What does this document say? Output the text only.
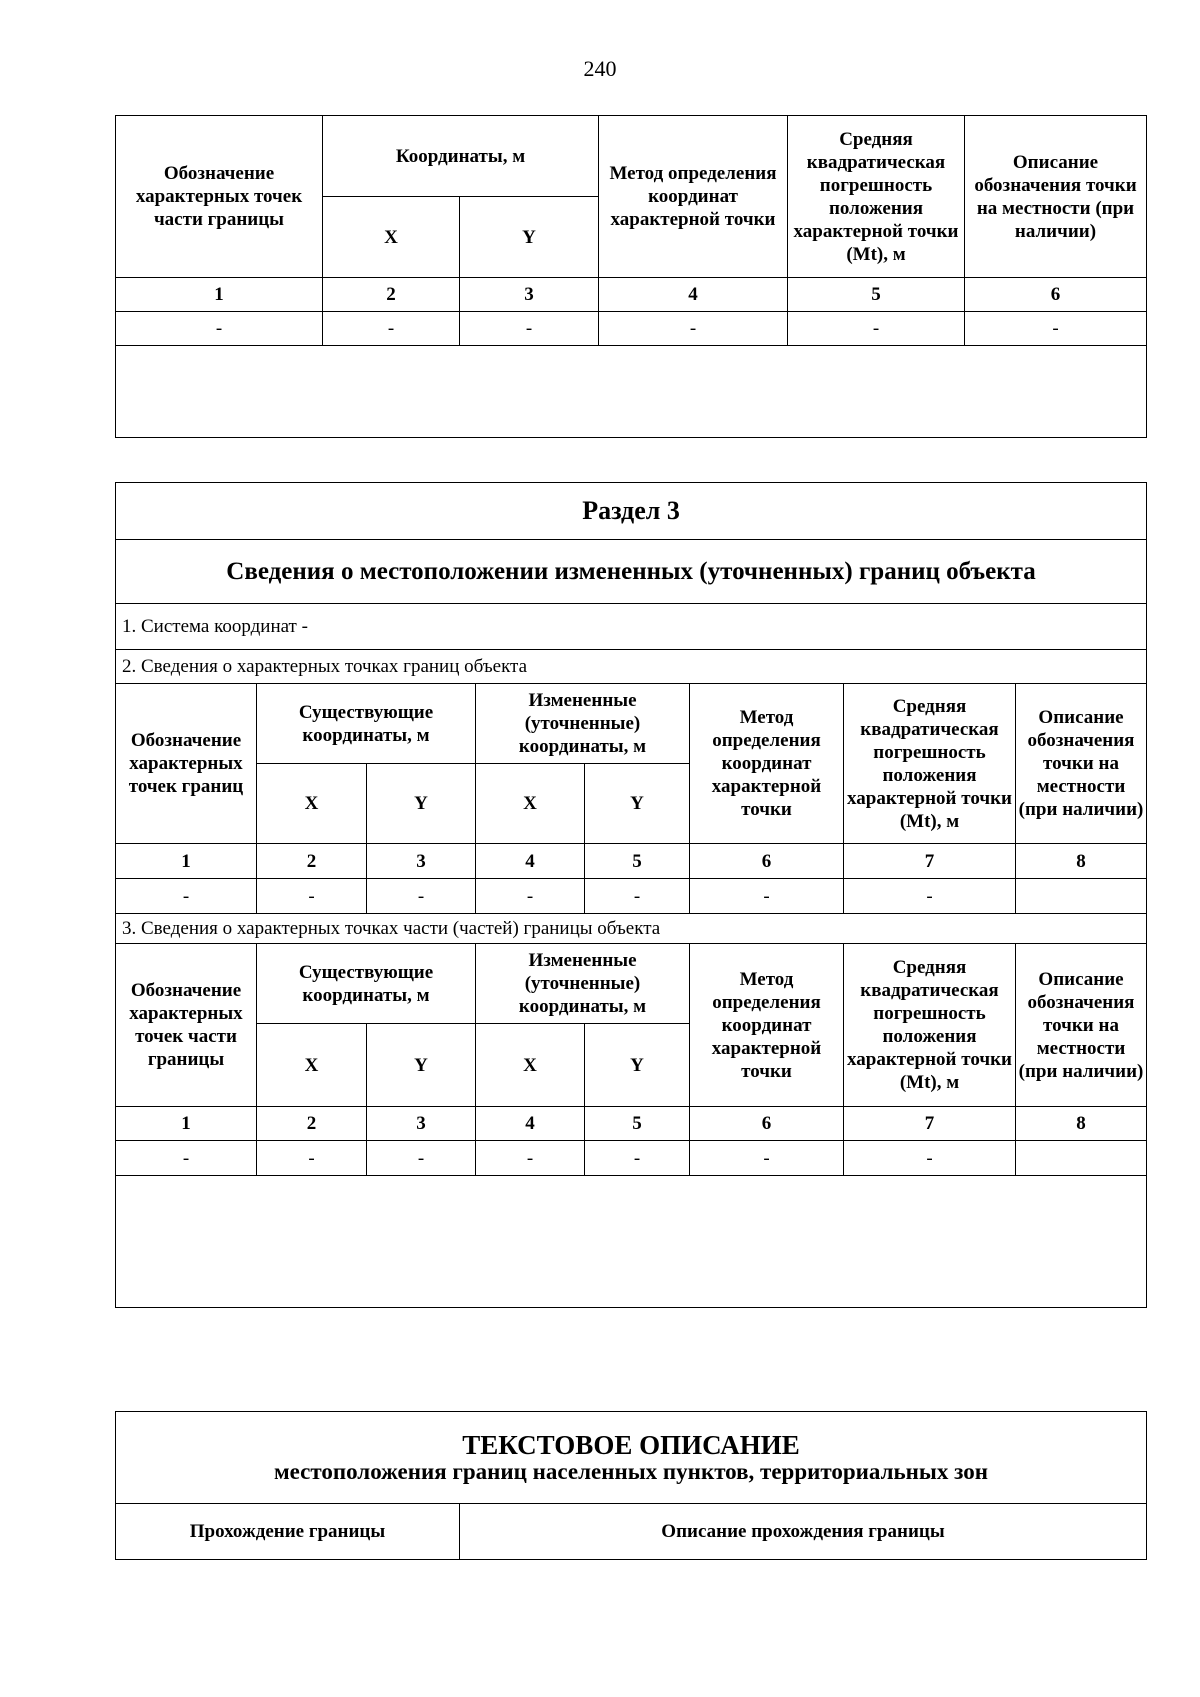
240
Обозначение характерных точек части границы	Координаты, м		Метод определения координат характерной точки	Средняя квадратическая погрешность положения характерной точки (Mt), м	Описание обозначения точки на местности (при наличии)
	X	Y			
1	2	3	4	5	6
-	-	-	-	-	-

Раздел 3							
Сведения о местоположении измененных (уточненных) границ объекта							
1. Система координат -							
2. Сведения о характерных точках границ объекта							
Обозначение характерных точек границ	Существующие координаты, м		Измененные (уточненные) координаты, м		Метод определения координат характерной точки	Средняя квадратическая погрешность положения характерной точки (Mt), м	Описание обозначения точки на местности (при наличии)
	X	Y	X	Y			
1	2	3	4	5	6	7	8
-	-	-	-	-	-	-	
3. Сведения о характерных точках части (частей) границы объекта							
Обозначение характерных точек части границы	Существующие координаты, м		Измененные (уточненные) координаты, м		Метод определения координат характерной точки	Средняя квадратическая погрешность положения характерной точки (Mt), м	Описание обозначения точки на местности (при наличии)
	X	Y	X	Y			
1	2	3	4	5	6	7	8
-	-	-	-	-	-	-	

ТЕКСТОВОЕ ОПИСАНИЕ
местоположения границ населенных пунктов, территориальных зон

Прохождение границы	Описание прохождения границы
